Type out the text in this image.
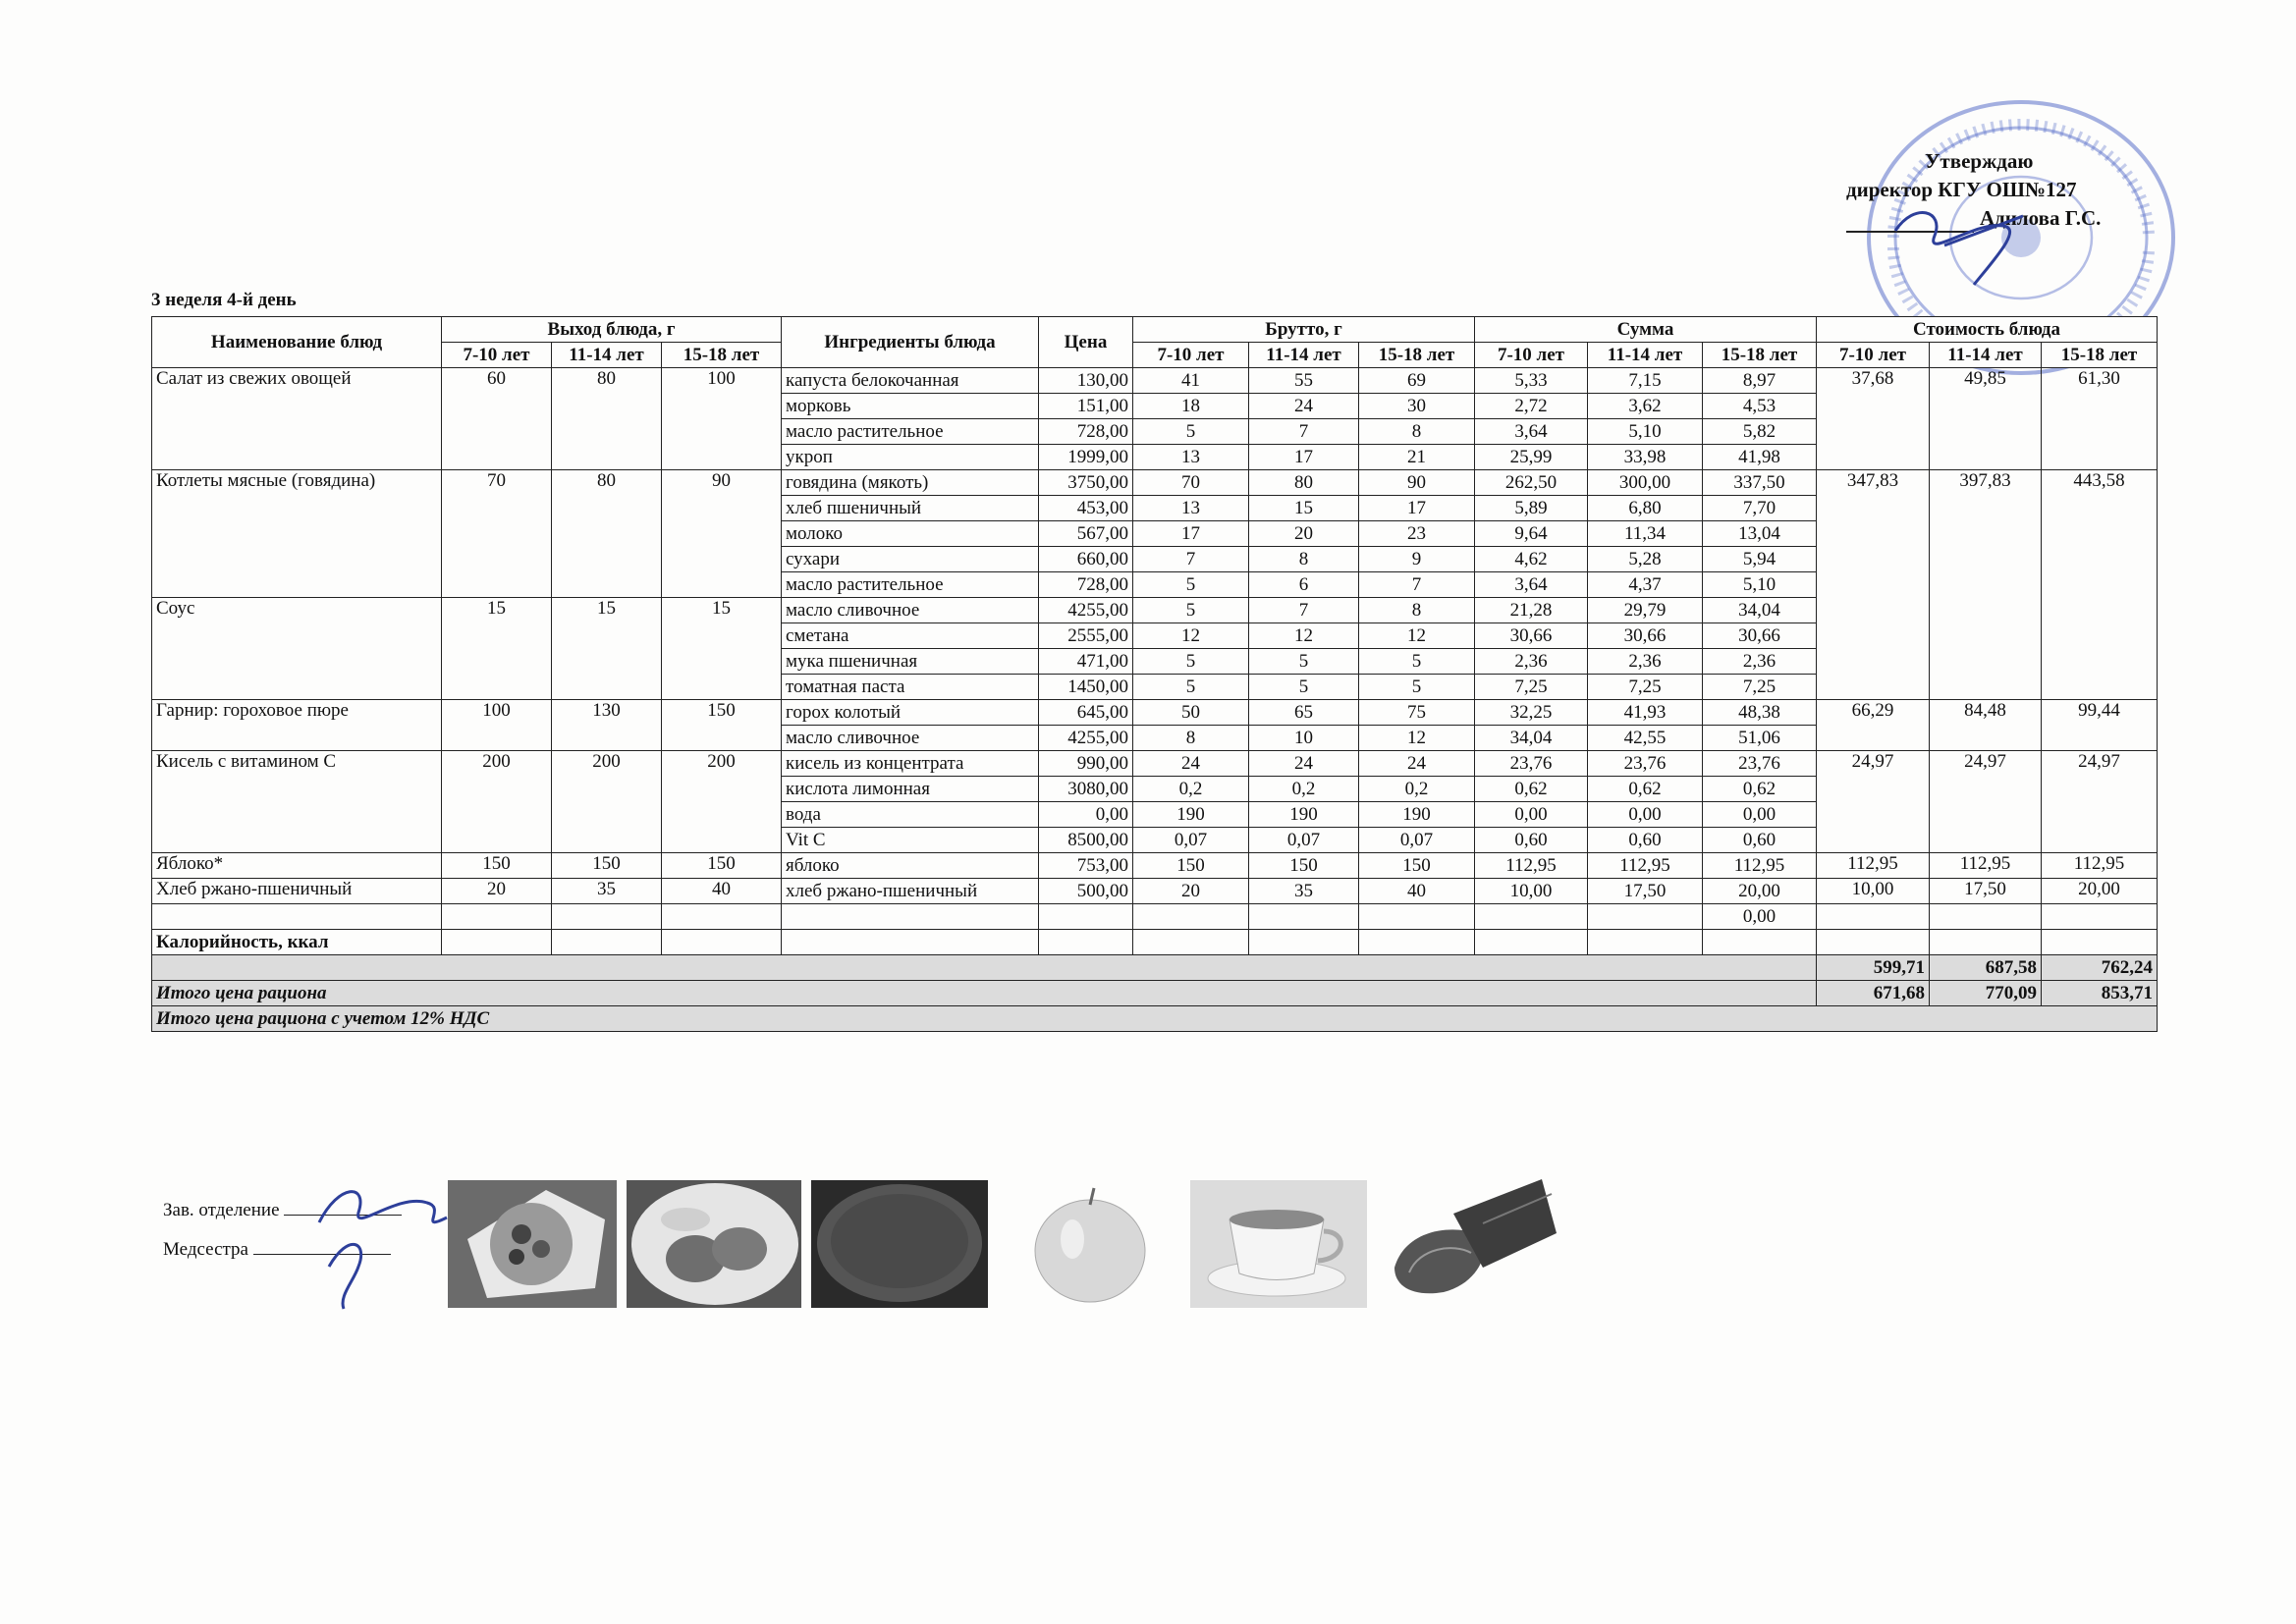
Утверждаю
директор КГУ ОШ№127
Адилова Г.С.
3 неделя 4-й день
Наименование блюд	Выход блюда, г			Ингредиенты блюда	Цена	Брутто, г			Сумма			Стоимость блюда		
	7-10 лет	11-14 лет	15-18 лет			7-10 лет	11-14 лет	15-18 лет	7-10 лет	11-14 лет	15-18 лет	7-10 лет	11-14 лет	15-18 лет
Салат из свежих овощей	60	80	100	капуста белокочанная	130,00	41	55	69	5,33	7,15	8,97	37,68	49,85	61,30
				морковь	151,00	18	24	30	2,72	3,62	4,53			
				масло растительное	728,00	5	7	8	3,64	5,10	5,82			
				укроп	1999,00	13	17	21	25,99	33,98	41,98			
Котлеты мясные (говядина)	70	80	90	говядина (мякоть)	3750,00	70	80	90	262,50	300,00	337,50	347,83	397,83	443,58
				хлеб пшеничный	453,00	13	15	17	5,89	6,80	7,70			
				молоко	567,00	17	20	23	9,64	11,34	13,04			
				сухари	660,00	7	8	9	4,62	5,28	5,94			
				масло растительное	728,00	5	6	7	3,64	4,37	5,10			
Соус	15	15	15	масло сливочное	4255,00	5	7	8	21,28	29,79	34,04			
				сметана	2555,00	12	12	12	30,66	30,66	30,66			
				мука пшеничная	471,00	5	5	5	2,36	2,36	2,36			
				томатная паста	1450,00	5	5	5	7,25	7,25	7,25			
Гарнир: гороховое пюре	100	130	150	горох колотый	645,00	50	65	75	32,25	41,93	48,38	66,29	84,48	99,44
				масло сливочное	4255,00	8	10	12	34,04	42,55	51,06			
Кисель с витамином С	200	200	200	кисель из концентрата	990,00	24	24	24	23,76	23,76	23,76	24,97	24,97	24,97
				кислота лимонная	3080,00	0,2	0,2	0,2	0,62	0,62	0,62			
				вода	0,00	190	190	190	0,00	0,00	0,00			
				Vit C	8500,00	0,07	0,07	0,07	0,60	0,60	0,60			
Яблоко*	150	150	150	яблоко	753,00	150	150	150	112,95	112,95	112,95	112,95	112,95	112,95
Хлеб ржано-пшеничный	20	35	40	хлеб ржано-пшеничный	500,00	20	35	40	10,00	17,50	20,00	10,00	17,50	20,00
											0,00			
Калорийность, ккал														
												599,71	687,58	762,24
Итого цена рациона												671,68	770,09	853,71
Итого цена рациона с учетом 12% НДС														
Зав. отделение
Медсестра
